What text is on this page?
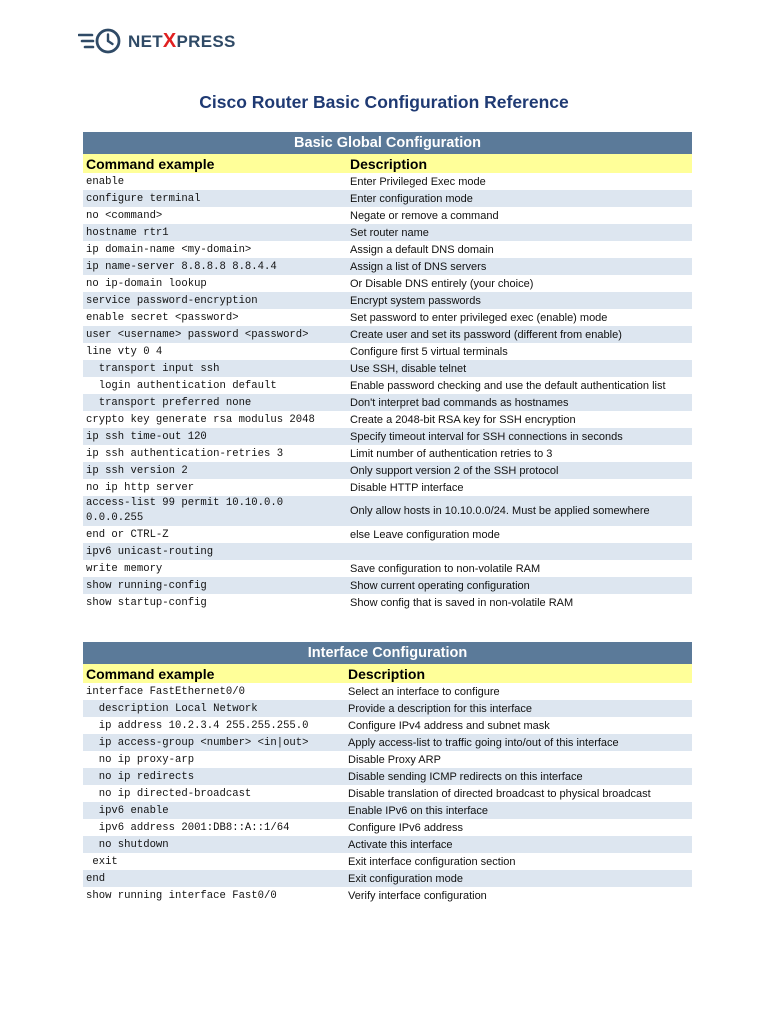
NETXPRESS
Cisco Router Basic Configuration Reference
Basic Global Configuration	
Command example	Description
enable	Enter Privileged Exec mode
configure terminal	Enter configuration mode
no <command>	Negate or remove a command
hostname rtr1	Set router name
ip domain-name <my-domain>	Assign a default DNS domain
ip name-server 8.8.8.8 8.8.4.4	Assign a list of DNS servers
no ip-domain lookup	Or Disable DNS entirely (your choice)
service password-encryption	Encrypt system passwords
enable secret <password>	Set password to enter privileged exec (enable) mode
user <username> password <password>	Create user and set its password (different from enable)
line vty 0 4	Configure first 5 virtual terminals
transport input ssh	Use SSH, disable telnet
login authentication default	Enable password checking and use the default authentication list
transport preferred none	Don't interpret bad commands as hostnames
crypto key generate rsa modulus 2048	Create a 2048-bit RSA key for SSH encryption
ip ssh time-out 120	Specify timeout interval for SSH connections in seconds
ip ssh authentication-retries 3	Limit number of authentication retries to 3
ip ssh version 2	Only support version 2 of the SSH protocol
no ip http server	Disable HTTP interface
access-list 99 permit 10.10.0.0 0.0.0.255	Only allow hosts in 10.10.0.0/24. Must be applied somewhere
end or CTRL-Z	else Leave configuration mode
ipv6 unicast-routing	
write memory	Save configuration to non-volatile RAM
show running-config	Show current operating configuration
show startup-config	Show config that is saved in non-volatile RAM
Interface Configuration	
Command example	Description
interface FastEthernet0/0	Select an interface to configure
description Local Network	Provide a description for this interface
ip address 10.2.3.4 255.255.255.0	Configure IPv4 address and subnet mask
ip access-group <number> <in|out>	Apply access-list to traffic going into/out of this interface
no ip proxy-arp	Disable Proxy ARP
no ip redirects	Disable sending ICMP redirects on this interface
no ip directed-broadcast	Disable translation of directed broadcast to physical broadcast
ipv6 enable	Enable IPv6 on this interface
ipv6 address 2001:DB8::A::1/64	Configure IPv6 address
no shutdown	Activate this interface
exit	Exit interface configuration section
end	Exit configuration mode
show running interface Fast0/0	Verify interface configuration
